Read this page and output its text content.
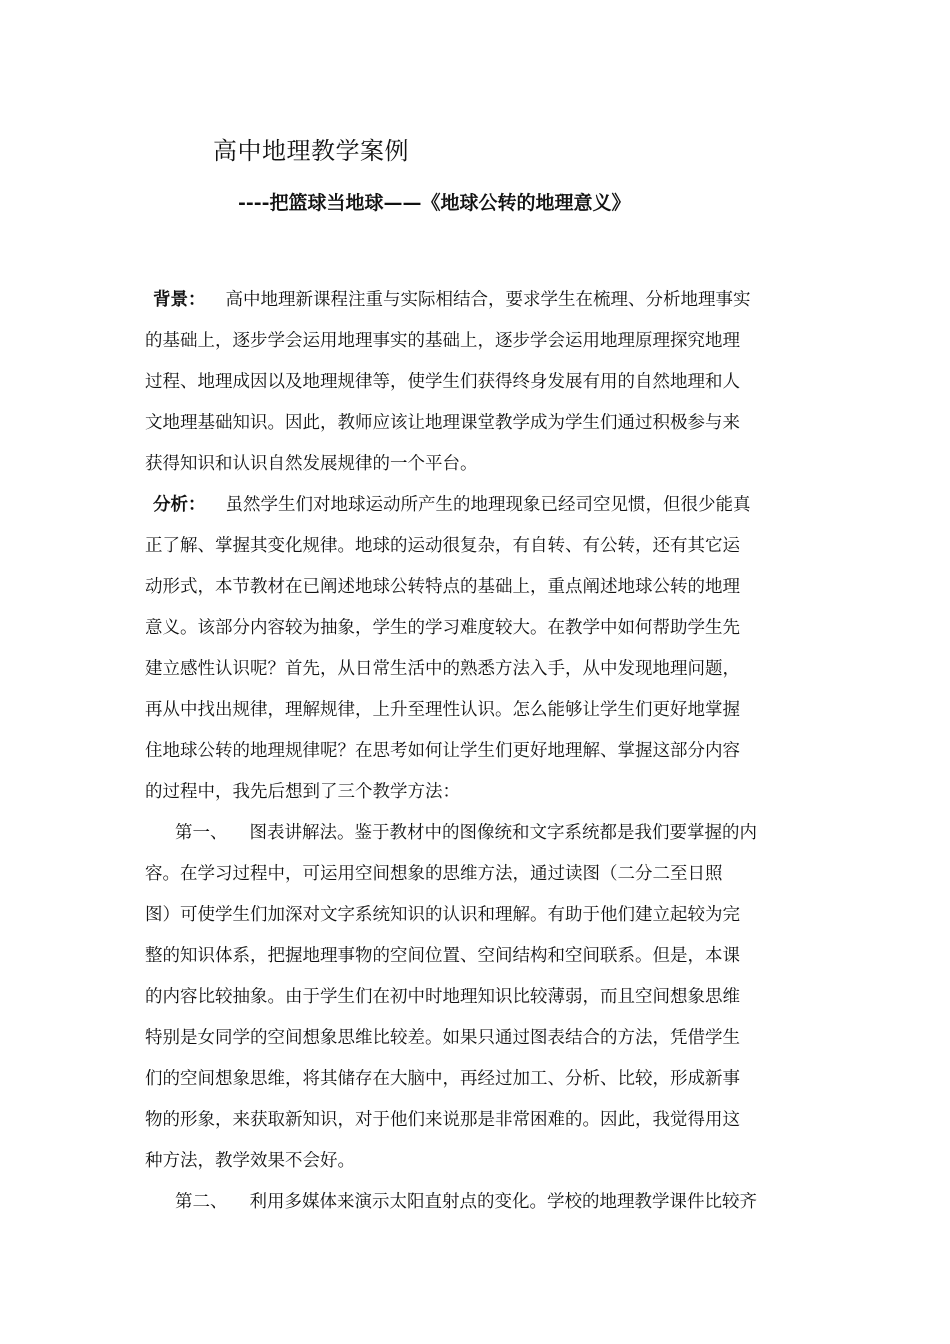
高中地理教学案例
----把篮球当地球——《地球公转的地理意义》
背景： 高中地理新课程注重与实际相结合，要求学生在梳理、分析地理事实
的基础上，逐步学会运用地理事实的基础上，逐步学会运用地理原理探究地理
过程、地理成因以及地理规律等，使学生们获得终身发展有用的自然地理和人
文地理基础知识。因此，教师应该让地理课堂教学成为学生们通过积极参与来
获得知识和认识自然发展规律的一个平台。
分析： 虽然学生们对地球运动所产生的地理现象已经司空见惯，但很少能真
正了解、掌握其变化规律。地球的运动很复杂，有自转、有公转，还有其它运
动形式，本节教材在已阐述地球公转特点的基础上，重点阐述地球公转的地理
意义。该部分内容较为抽象，学生的学习难度较大。在教学中如何帮助学生先
建立感性认识呢？首先，从日常生活中的熟悉方法入手，从中发现地理问题，
再从中找出规律，理解规律，上升至理性认识。怎么能够让学生们更好地掌握
住地球公转的地理规律呢？在思考如何让学生们更好地理解、掌握这部分内容
的过程中，我先后想到了三个教学方法：
第一、 图表讲解法。鉴于教材中的图像统和文字系统都是我们要掌握的内
容。在学习过程中，可运用空间想象的思维方法，通过读图（二分二至日照
图）可使学生们加深对文字系统知识的认识和理解。有助于他们建立起较为完
整的知识体系，把握地理事物的空间位置、空间结构和空间联系。但是，本课
的内容比较抽象。由于学生们在初中时地理知识比较薄弱，而且空间想象思维
特别是女同学的空间想象思维比较差。如果只通过图表结合的方法，凭借学生
们的空间想象思维，将其储存在大脑中，再经过加工、分析、比较，形成新事
物的形象，来获取新知识，对于他们来说那是非常困难的。因此，我觉得用这
种方法，教学效果不会好。
第二、 利用多媒体来演示太阳直射点的变化。学校的地理教学课件比较齐
